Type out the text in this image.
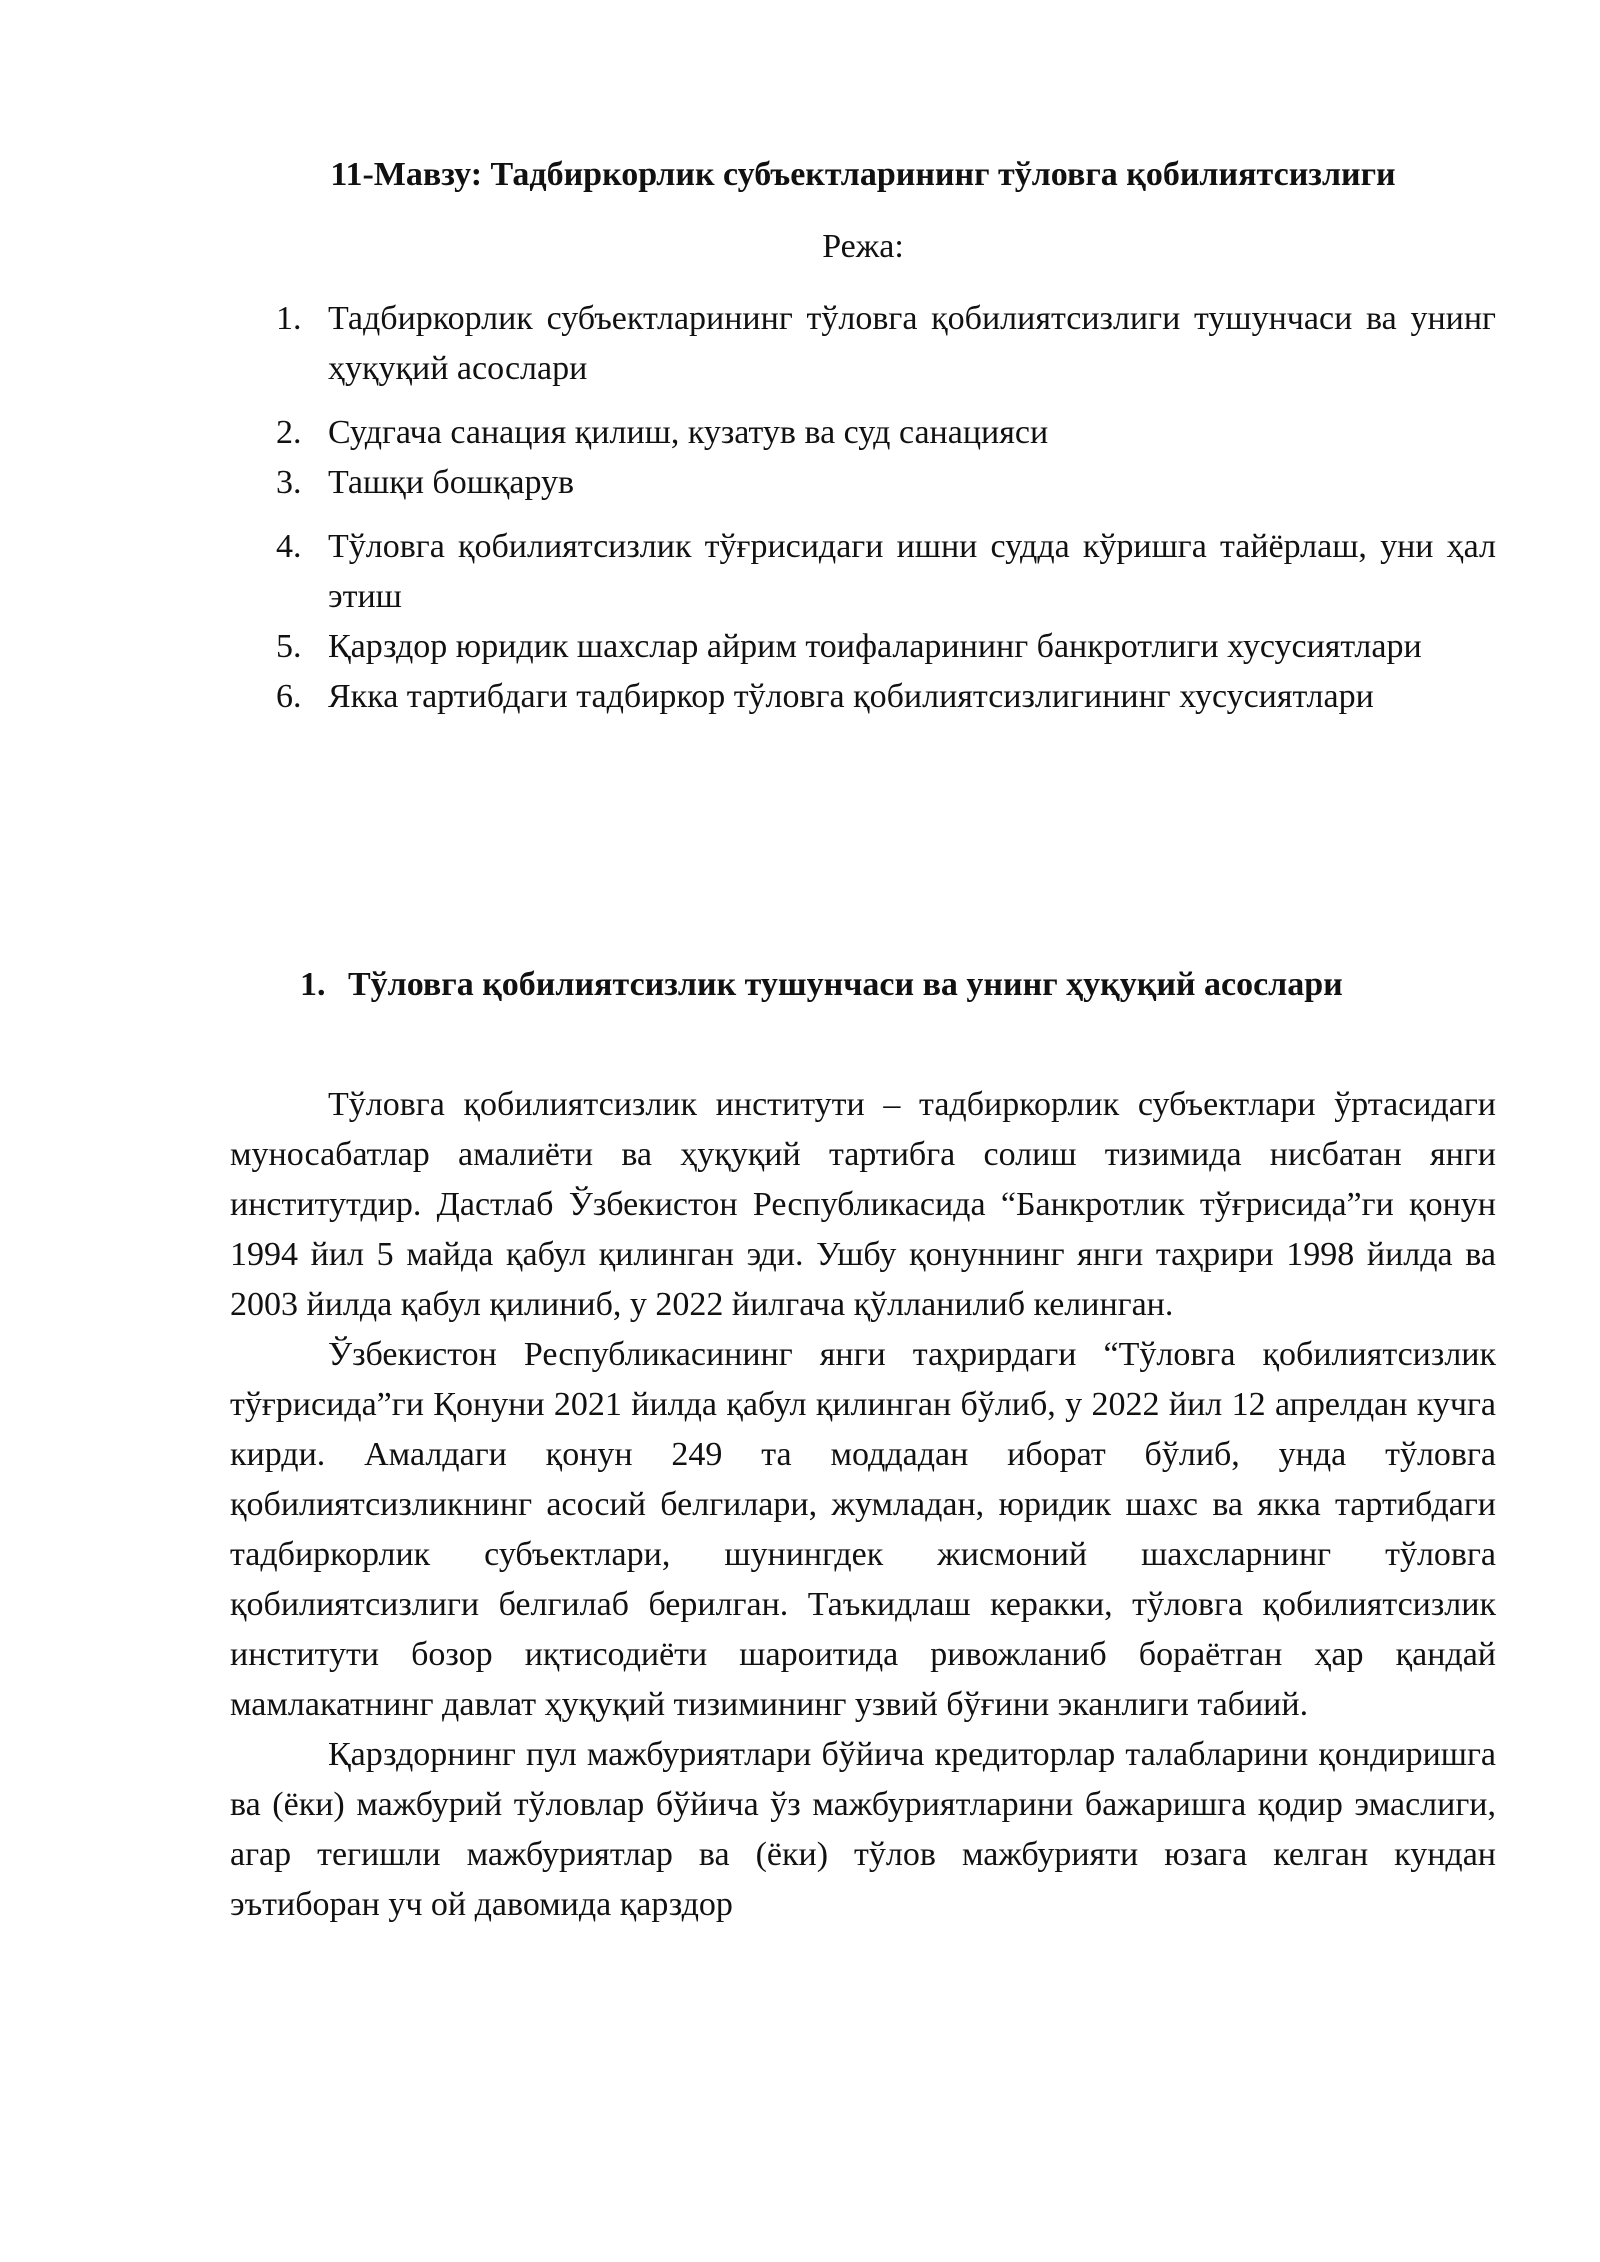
11-Мавзу: Тадбиркорлик субъектларининг тўловга қобилиятсизлиги

Режа:

1. Тадбиркорлик субъектларининг тўловга қобилиятсизлиги тушунчаси ва унинг ҳуқуқий асослари
2. Судгача санация қилиш, кузатув ва суд санацияси
3. Ташқи бошқарув
4. Тўловга қобилиятсизлик тўғрисидаги ишни судда кўришга тайёрлаш, уни ҳал этиш
5. Қарздор юридик шахслар айрим тоифаларининг банкротлиги хусусиятлари
6. Якка тартибдаги тадбиркор тўловга қобилиятсизлигининг хусусиятлари
1. Тўловга қобилиятсизлик тушунчаси ва унинг ҳуқуқий асослари

Тўловга қобилиятсизлик институти – тадбиркорлик субъектлари ўртасидаги муносабатлар амалиёти ва ҳуқуқий тартибга солиш тизимида нисбатан янги институтдир. Дастлаб Ўзбекистон Республикасида “Банкротлик тўғрисида”ги қонун 1994 йил 5 майда қабул қилинган эди. Ушбу қонуннинг янги таҳрири 1998 йилда ва 2003 йилда қабул қилиниб, у 2022 йилгача қўлланилиб келинган.

Ўзбекистон Республикасининг янги таҳрирдаги “Тўловга қобилиятсизлик тўғрисида”ги Қонуни 2021 йилда қабул қилинган бўлиб, у 2022 йил 12 апрелдан кучга кирди. Амалдаги қонун 249 та моддадан иборат бўлиб, унда тўловга қобилиятсизликнинг асосий белгилари, жумладан, юридик шахс ва якка тартибдаги тадбиркорлик субъектлари, шунингдек жисмоний шахсларнинг тўловга қобилиятсизлиги белгилаб берилган. Таъкидлаш керакки, тўловга қобилиятсизлик институти бозор иқтисодиёти шароитида ривожланиб бораётган ҳар қандай мамлакатнинг давлат ҳуқуқий тизимининг узвий бўғини эканлиги табиий.

Қарздорнинг пул мажбуриятлари бўйича кредиторлар талабларини қондиришга ва (ёки) мажбурий тўловлар бўйича ўз мажбуриятларини бажаришга қодир эмаслиги, агар тегишли мажбуриятлар ва (ёки) тўлов мажбурияти юзага келган кундан эътиборан уч ой давомида қарздор
